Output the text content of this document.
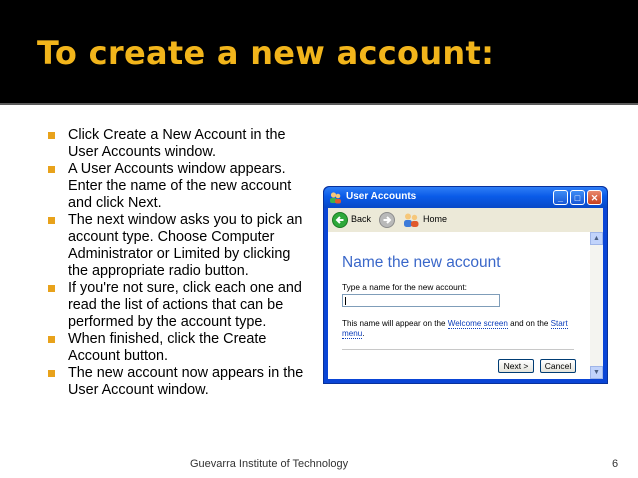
To create a new account:
Click Create a New Account in the User Accounts window.
A User Accounts window appears. Enter the name of the new account and click Next.
The next window asks you to pick an account type. Choose Computer Administrator or Limited by clicking the appropriate radio button.
If you're not sure, click each one and read the list of actions that can be performed by the account type.
When finished, click the Create Account button.
The new account now appears in the User Account window.
User Accounts	_	□	✕
Back	Home
Name the new account
Type a name for the new account:
This name will appear on the Welcome screen and on the Start menu.
Next >	Cancel
▲
▼
Guevarra Institute of Technology	6
